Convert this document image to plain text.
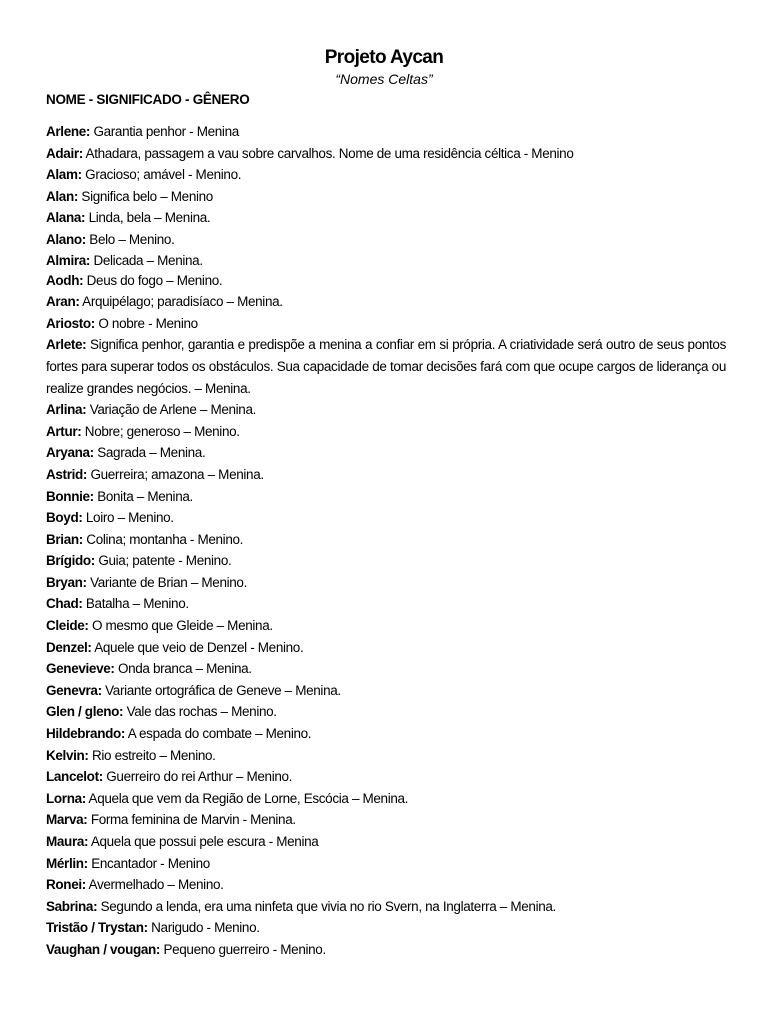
Projeto Aycan
“Nomes Celtas”
NOME - SIGNIFICADO - GÊNERO

Arlene: Garantia penhor - Menina

Adair: Athadara, passagem a vau sobre carvalhos. Nome de uma residência céltica - Menino

Alam: Gracioso; amável - Menino.

Alan: Significa belo – Menino

Alana: Linda, bela – Menina.

Alano: Belo – Menino.

Almira: Delicada – Menina.

Aodh: Deus do fogo – Menino.

Aran: Arquipélago; paradisíaco – Menina.

Ariosto: O nobre - Menino

Arlete: Significa penhor, garantia e predispõe a menina a confiar em si própria. A criatividade será outro de seus pontos fortes para superar todos os obstáculos. Sua capacidade de tomar decisões fará com que ocupe cargos de liderança ou realize grandes negócios. – Menina.

Arlina: Variação de Arlene – Menina.

Artur: Nobre; generoso – Menino.

Aryana: Sagrada – Menina.

Astrid: Guerreira; amazona – Menina.

Bonnie: Bonita – Menina.

Boyd: Loiro – Menino.

Brian: Colina; montanha - Menino.

Brígido: Guia; patente - Menino.

Bryan: Variante de Brian – Menino.

Chad: Batalha – Menino.

Cleide: O mesmo que Gleide – Menina.

Denzel: Aquele que veio de Denzel - Menino.

Genevieve: Onda branca – Menina.

Genevra: Variante ortográfica de Geneve – Menina.

Glen / gleno: Vale das rochas – Menino.

Hildebrando: A espada do combate – Menino.

Kelvin: Rio estreito – Menino.

Lancelot: Guerreiro do rei Arthur – Menino.

Lorna: Aquela que vem da Região de Lorne, Escócia – Menina.

Marva: Forma feminina de Marvin - Menina.

Maura: Aquela que possui pele escura - Menina

Mérlin: Encantador - Menino

Ronei: Avermelhado – Menino.

Sabrina: Segundo a lenda, era uma ninfeta que vivia no rio Svern, na Inglaterra – Menina.

Tristão / Trystan: Narigudo - Menino.

Vaughan / vougan: Pequeno guerreiro - Menino.
